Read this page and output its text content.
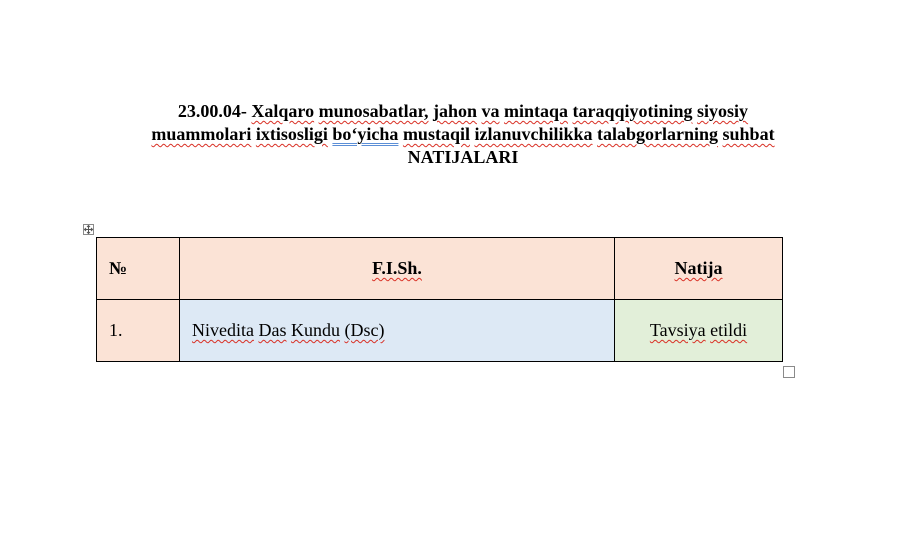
23.00.04- Xalqaro munosabatlar, jahon va mintaqa taraqqiyotining siyosiy
muammolari ixtisosligi bo‘yicha mustaqil izlanuvchilikka talabgorlarning suhbat
NATIJALARI
№	F.I.Sh.	Natija
1.	Nivedita Das Kundu (Dsc)	Tavsiya etildi
